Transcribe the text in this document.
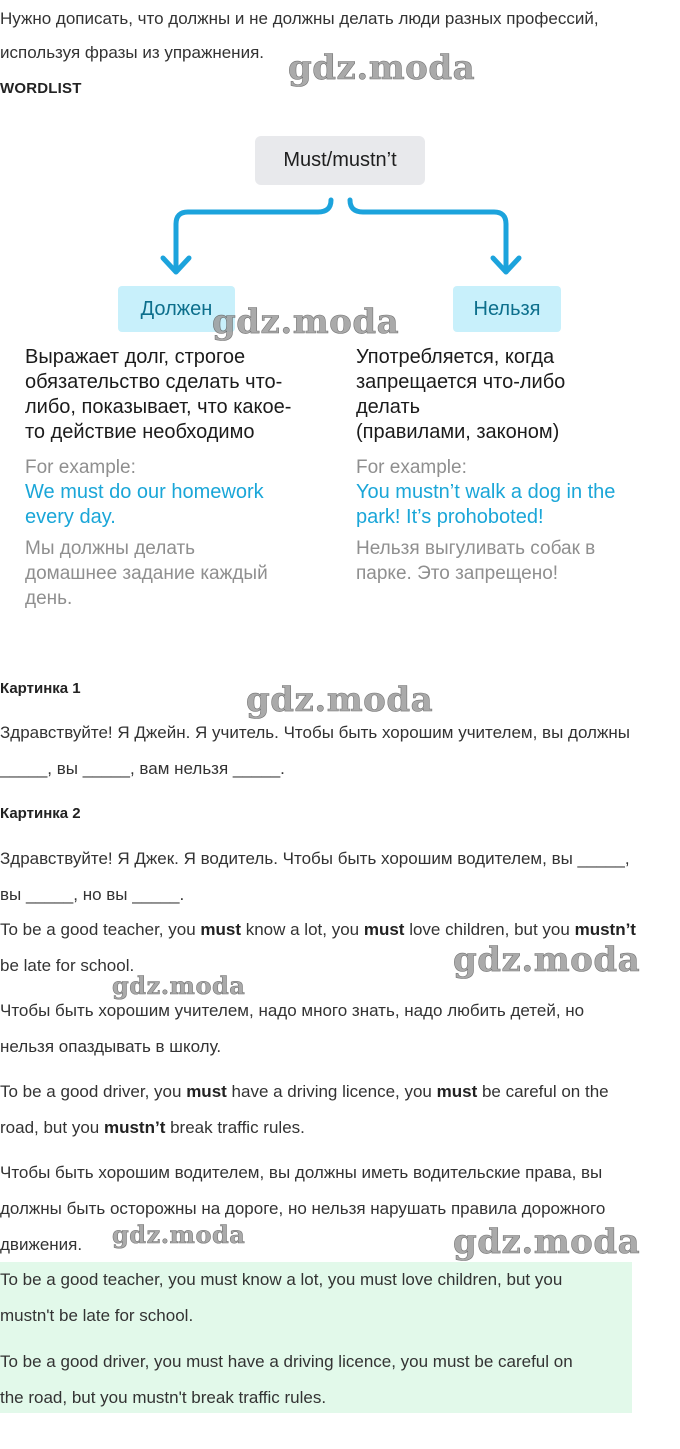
Нужно дописать, что должны и не должны делать люди разных профессий,
используя фразы из упражнения.
WORDLIST
Must/mustn’t
Должен	Нельзя
Выражает долг, строгое
обязательство сделать что-
либо, показывает, что какое-
то действие необходимо
For example:
We must do our homework
every day.
Мы должны делать
домашнее задание каждый
день.
Употребляется, когда
запрещается что-либо
делать
(правилами, законом)
For example:
You mustn’t walk a dog in the
park! It’s prohoboted!
Нельзя выгуливать собак в
парке. Это запрещено!
Картинка 1
Здравствуйте! Я Джейн. Я учитель. Чтобы быть хорошим учителем, вы должны
_____, вы _____, вам нельзя _____.
Картинка 2
Здравствуйте! Я Джек. Я водитель. Чтобы быть хорошим водителем, вы _____,
вы _____, но вы _____.
To be a good teacher, you must know a lot, you must love children, but you mustn’t
be late for school.
Чтобы быть хорошим учителем, надо много знать, надо любить детей, но
нельзя опаздывать в школу.
To be a good driver, you must have a driving licence, you must be careful on the
road, but you mustn’t break traffic rules.
Чтобы быть хорошим водителем, вы должны иметь водительские права, вы
должны быть осторожны на дороге, но нельзя нарушать правила дорожного
движения.
To be a good teacher, you must know a lot, you must love children, but you
mustn't be late for school.
To be a good driver, you must have a driving licence, you must be careful on
the road, but you mustn't break traffic rules.
gdz.moda
gdz.moda
gdz.moda
gdz.moda
gdz.moda
gdz.moda	gdz.moda
